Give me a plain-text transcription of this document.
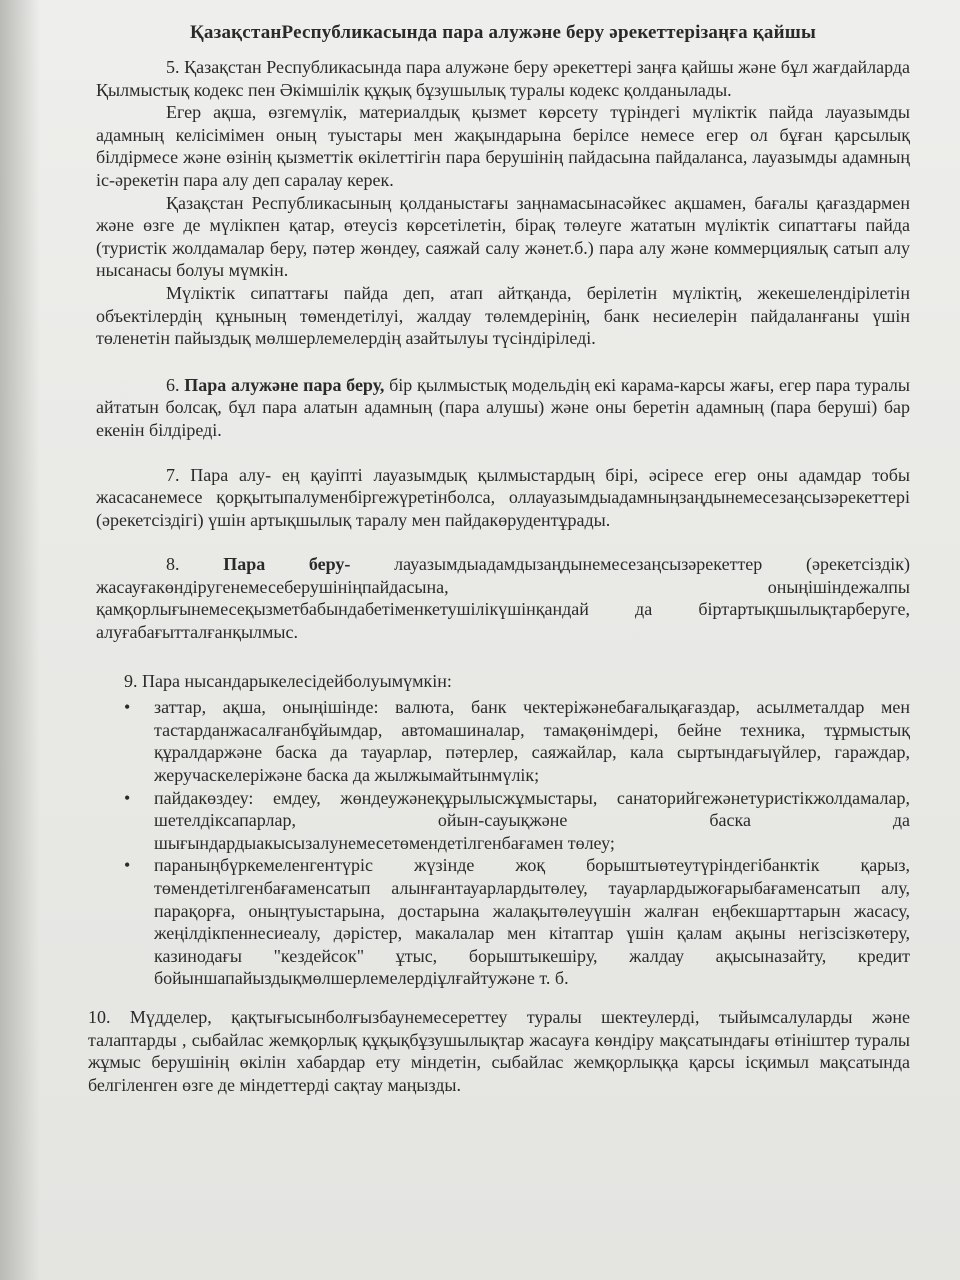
ҚазақстанРеспубликасында пара алужәне беру әрекеттерізаңға қайшы

5. Қазақстан Республикасында пара алужәне беру әрекеттері заңға қайшы және бұл жағдайларда Қылмыстық кодекс пен Әкімшілік құқық бұзушылық туралы кодекс қолданылады.

Егер ақша, өзгемүлік, материалдық қызмет көрсету түріндегі мүліктік пайда лауазымды адамның келісімімен оның туыстары мен жақындарына берілсе немесе егер ол бұған қарсылық білдірмесе және өзінің қызметтік өкілеттігін пара берушінің пайдасына пайдаланса, лауазымды адамның іс-әрекетін пара алу деп саралау керек.

Қазақстан Республикасының қолданыстағы заңнамасынасәйкес ақшамен, бағалы қағаздармен және өзге де мүлікпен қатар, өтеусіз көрсетілетін, бірақ төлеуге жататын мүліктік сипаттағы пайда (туристік жолдамалар беру, пәтер жөндеу, саяжай салу жәнет.б.) пара алу және коммерциялық сатып алу нысанасы болуы мүмкін.

Мүліктік сипаттағы пайда деп, атап айтқанда, берілетін мүліктің, жекешелендірілетін объектілердің құнының төмендетілуі, жалдау төлемдерінің, банк несиелерін пайдаланғаны үшін төленетін пайыздық мөлшерлемелердің азайтылуы түсіндіріледі.

6. Пара алужәне пара беру, бір қылмыстық модельдің екі карама-карсы жағы, егер пара туралы айтатын болсақ, бұл пара алатын адамның (пара алушы) және оны беретін адамның (пара беруші) бар екенін білдіреді.

7. Пара алу- ең қауіпті лауазымдық қылмыстардың бірі, әсіресе егер оны адамдар тобы жасасанемесе қорқытыпалуменбіргежүретінболса, оллауазымдыадамныңзаңдынемесезаңсызәрекеттері (әрекетсіздігі) үшін артықшылық таралу мен пайдакөрудентұрады.

8. Пара беру- лауазымдыадамдызаңдынемесезаңсызәрекеттер (әрекетсіздік) жасауғакөндіругенемесеберушініңпайдасына, оныңішіндежалпы қамқорлығынемесеқызметбабындабетіменкетушілікүшінқандай да біртартықшылықтарберуге, алуғабағытталғанқылмыс.

9. Пара нысандарыкелесідейболуымүмкін:
• заттар, ақша, оныңішінде: валюта, банк чектеріжәнебағалықағаздар, асылметалдар мен тастарданжасалғанбұйымдар, автомашиналар, тамақөнімдері, бейне техника, тұрмыстық құралдаржәне баска да тауарлар, пәтерлер, саяжайлар, кала сыртындағыүйлер, гараждар, жеручаскелеріжәне баска да жылжымайтынмүлік;
• пайдакөздеу: емдеу, жөндеужәнеқұрылысжұмыстары, санаторийгежәнетуристікжолдамалар, шетелдіксапарлар, ойын-сауықжәне баска да шығындардыакысызалунемесетөмендетілгенбағамен төлеу;
• параныңбүркемеленгентүріс жүзінде жоқ борыштыөтеутүріндегібанктік қарыз, төмендетілгенбағаменсатып алынғантауарлардытөлеу, тауарлардыжоғарыбағаменсатып алу, парақорға, оныңтуыстарына, достарына жалақытөлеуүшін жалған еңбекшарттарын жасасу, жеңілдікпеннесиеалу, дәрістер, макалалар мен кітаптар үшін қалам ақыны негізсізкөтеру, казинодағы "кездейсок" ұтыс, борыштыкешіру, жалдау ақысыназайту, кредит бойыншапайыздықмөлшерлемелердіұлғайтужәне т. б.

10. Мүдделер, қақтығысынболғызбаунемесереттеу туралы шектеулерді, тыйымсалуларды және талаптарды , сыбайлас жемқорлық құқықбұзушылықтар жасауға көндіру мақсатындағы өтініштер туралы жұмыс берушінің өкілін хабардар ету міндетін, сыбайлас жемқорлыққа қарсы ісқимыл мақсатында белгіленген өзге де міндеттерді сақтау маңызды.
